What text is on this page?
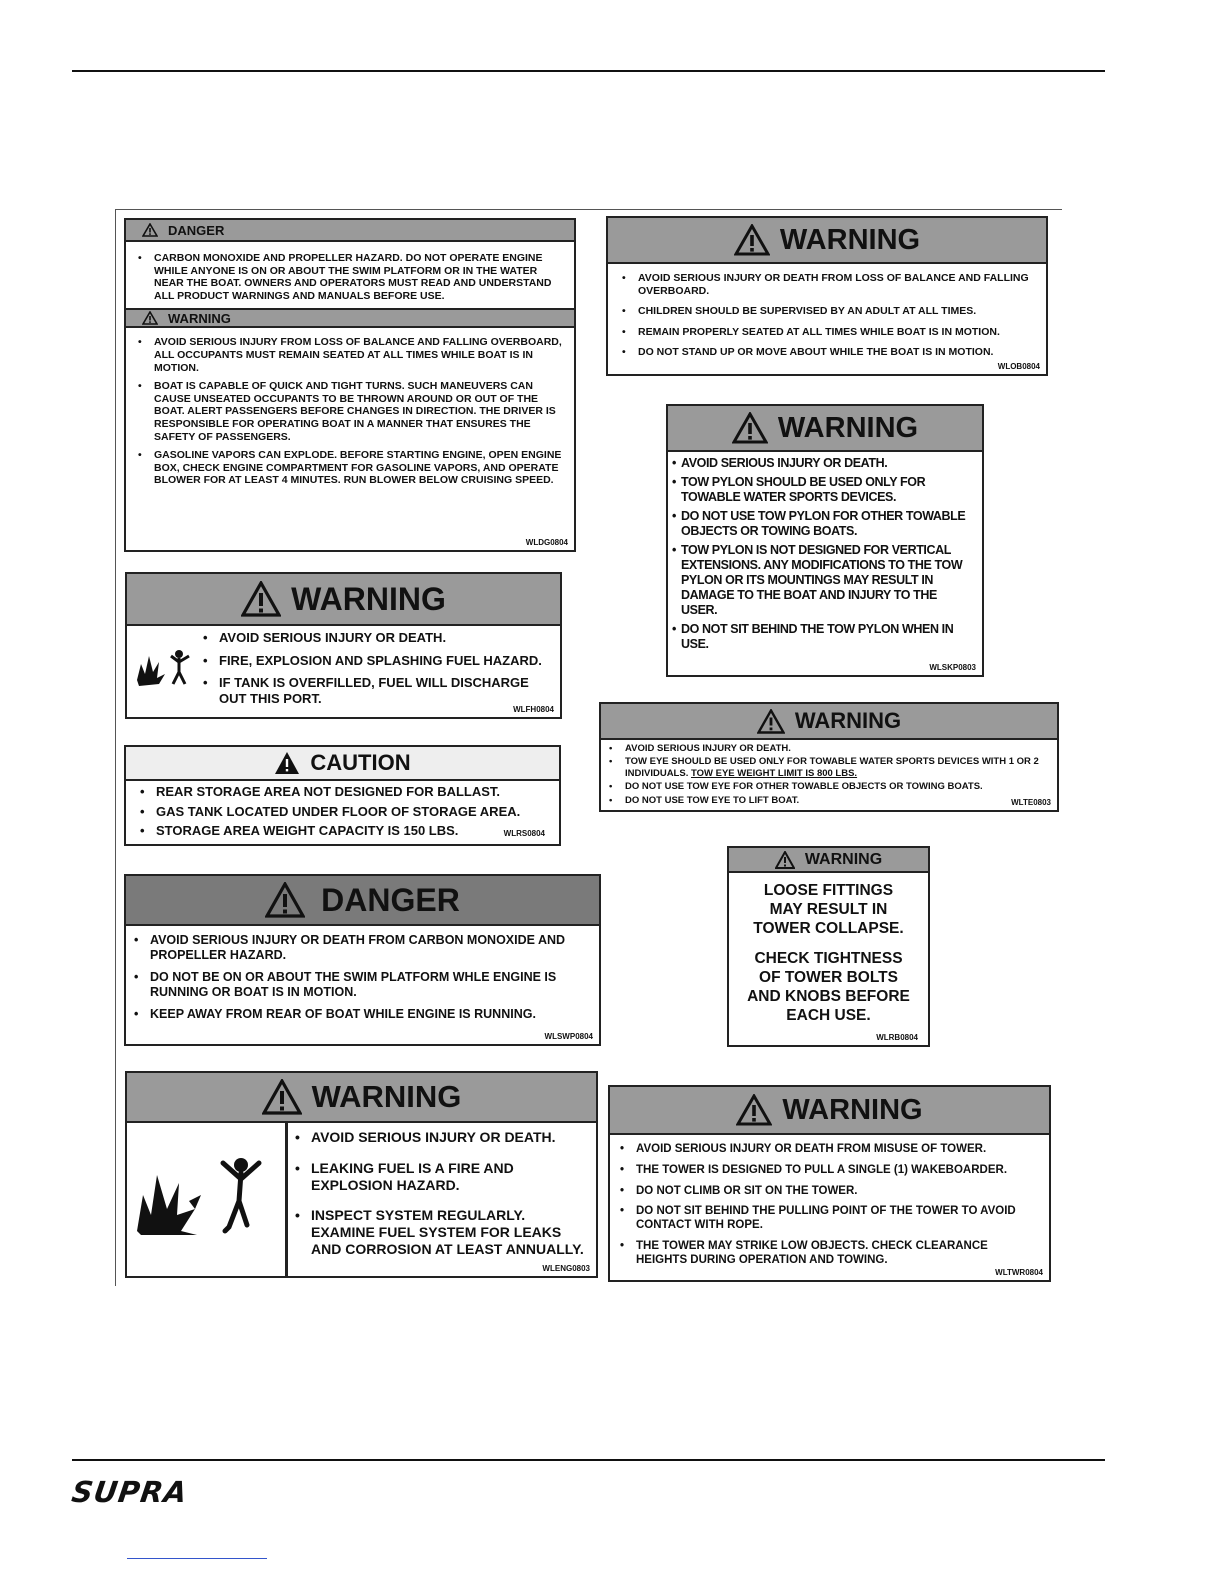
DANGER
• CARBON MONOXIDE AND PROPELLER HAZARD. DO NOT OPERATE ENGINE WHILE ANYONE IS ON OR ABOUT THE SWIM PLATFORM OR IN THE WATER NEAR THE BOAT. OWNERS AND OPERATORS MUST READ AND UNDERSTAND ALL PRODUCT WARNINGS AND MANUALS BEFORE USE.
WARNING
• AVOID SERIOUS INJURY FROM LOSS OF BALANCE AND FALLING OVERBOARD, ALL OCCUPANTS MUST REMAIN SEATED AT ALL TIMES WHILE BOAT IS IN MOTION.
• BOAT IS CAPABLE OF QUICK AND TIGHT TURNS. SUCH MANEUVERS CAN CAUSE UNSEATED OCCUPANTS TO BE THROWN AROUND OR OUT OF THE BOAT. ALERT PASSENGERS BEFORE CHANGES IN DIRECTION. THE DRIVER IS RESPONSIBLE FOR OPERATING BOAT IN A MANNER THAT ENSURES THE SAFETY OF PASSENGERS.
• GASOLINE VAPORS CAN EXPLODE. BEFORE STARTING ENGINE, OPEN ENGINE BOX, CHECK ENGINE COMPARTMENT FOR GASOLINE VAPORS, AND OPERATE BLOWER FOR AT LEAST 4 MINUTES. RUN BLOWER BELOW CRUISING SPEED.
WLDG0804
WARNING
• AVOID SERIOUS INJURY OR DEATH FROM LOSS OF BALANCE AND FALLING OVERBOARD.
• CHILDREN SHOULD BE SUPERVISED BY AN ADULT AT ALL TIMES.
• REMAIN PROPERLY SEATED AT ALL TIMES WHILE BOAT IS IN MOTION.
• DO NOT STAND UP OR MOVE ABOUT WHILE THE BOAT IS IN MOTION.
WLOB0804
WARNING
• AVOID SERIOUS INJURY OR DEATH.
• TOW PYLON SHOULD BE USED ONLY FOR TOWABLE WATER SPORTS DEVICES.
• DO NOT USE TOW PYLON FOR OTHER TOWABLE OBJECTS OR TOWING BOATS.
• TOW PYLON IS NOT DESIGNED FOR VERTICAL EXTENSIONS. ANY MODIFICATIONS TO THE TOW PYLON OR ITS MOUNTINGS MAY RESULT IN DAMAGE TO THE BOAT AND INJURY TO THE USER.
• DO NOT SIT BEHIND THE TOW PYLON WHEN IN USE.
WLSKP0803
WARNING
• AVOID SERIOUS INJURY OR DEATH.
• FIRE, EXPLOSION AND SPLASHING FUEL HAZARD.
• IF TANK IS OVERFILLED, FUEL WILL DISCHARGE OUT THIS PORT.
WLFH0804	WARNING
• AVOID SERIOUS INJURY OR DEATH.
• TOW EYE SHOULD BE USED ONLY FOR TOWABLE WATER SPORTS DEVICES WITH 1 OR 2 INDIVIDUALS. TOW EYE WEIGHT LIMIT IS 800 LBS.
• DO NOT USE TOW EYE FOR OTHER TOWABLE OBJECTS OR TOWING BOATS.
• DO NOT USE TOW EYE TO LIFT BOAT.	WLTE0803
CAUTION
• REAR STORAGE AREA NOT DESIGNED FOR BALLAST.
• GAS TANK LOCATED UNDER FLOOR OF STORAGE AREA.
• STORAGE AREA WEIGHT CAPACITY IS 150 LBS.	WLRS0804
WARNING
LOOSE FITTINGS
MAY RESULT IN
TOWER COLLAPSE.
CHECK TIGHTNESS
OF TOWER BOLTS
AND KNOBS BEFORE
EACH USE.
WLRB0804
DANGER
• AVOID SERIOUS INJURY OR DEATH FROM CARBON MONOXIDE AND PROPELLER HAZARD.
• DO NOT BE ON OR ABOUT THE SWIM PLATFORM WHLE ENGINE IS RUNNING OR BOAT IS IN MOTION.
• KEEP AWAY FROM REAR OF BOAT WHILE ENGINE IS RUNNING.
WLSWP0804
WARNING
• AVOID SERIOUS INJURY OR DEATH.
• LEAKING FUEL IS A FIRE AND EXPLOSION HAZARD.
• INSPECT SYSTEM REGULARLY. EXAMINE FUEL SYSTEM FOR LEAKS AND CORROSION AT LEAST ANNUALLY.
WLENG0803
WARNING
• AVOID SERIOUS INJURY OR DEATH FROM MISUSE OF TOWER.
• THE TOWER IS DESIGNED TO PULL A SINGLE (1) WAKEBOARDER.
• DO NOT CLIMB OR SIT ON THE TOWER.
• DO NOT SIT BEHIND THE PULLING POINT OF THE TOWER TO AVOID CONTACT WITH ROPE.
• THE TOWER MAY STRIKE LOW OBJECTS. CHECK CLEARANCE HEIGHTS DURING OPERATION AND TOWING.
WLTWR0804
SUPRA
